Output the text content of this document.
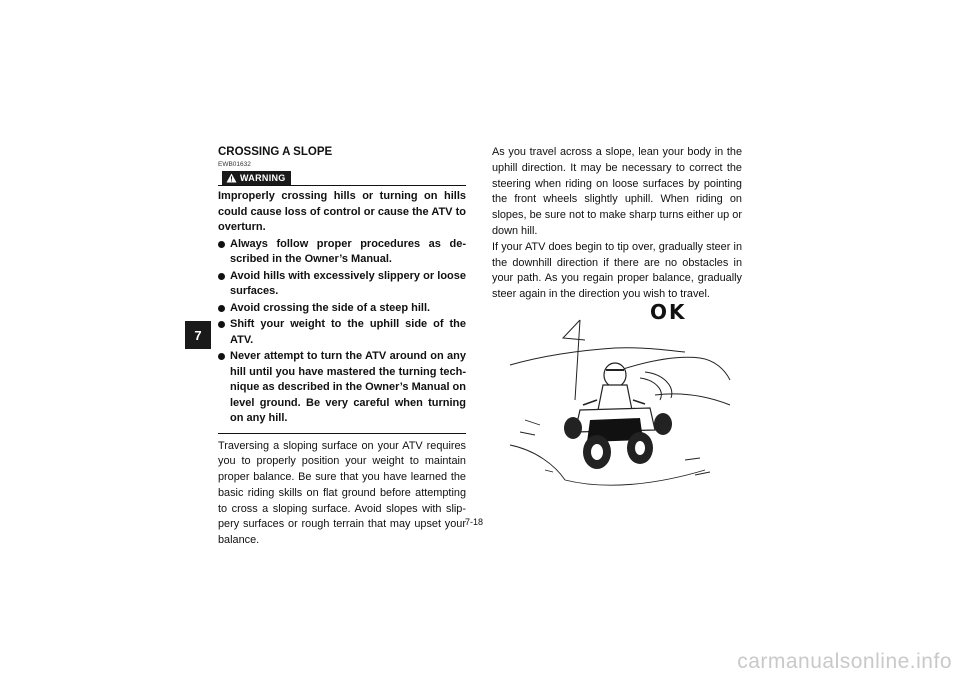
7
CROSSING A SLOPE
EWB01632
WARNING

Improperly crossing hills or turning on hills could cause loss of control or cause the ATV to overturn.

Always follow proper procedures as de- scribed in the Owner’s Manual.
Avoid hills with excessively slippery or loose surfaces.
Avoid crossing the side of a steep hill.
Shift your weight to the uphill side of the ATV.
Never attempt to turn the ATV around on any hill until you have mastered the turning tech- nique as described in the Owner’s Manual on level ground. Be very careful when turning on any hill.

Traversing a sloping surface on your ATV requires you to properly position your weight to maintain proper balance. Be sure that you have learned the basic riding skills on flat ground before attempting to cross a sloping surface. Avoid slopes with slip- pery surfaces or rough terrain that may upset your balance.

As you travel across a slope, lean your body in the uphill direction. It may be necessary to correct the steering when riding on loose surfaces by pointing the front wheels slightly uphill. When riding on slopes, be sure not to make sharp turns either up or down hill.

If your ATV does begin to tip over, gradually steer in the downhill direction if there are no obstacles in your path. As you regain proper balance, gradually steer again in the direction you wish to travel.

OK
7-18
carmanualsonline.info
